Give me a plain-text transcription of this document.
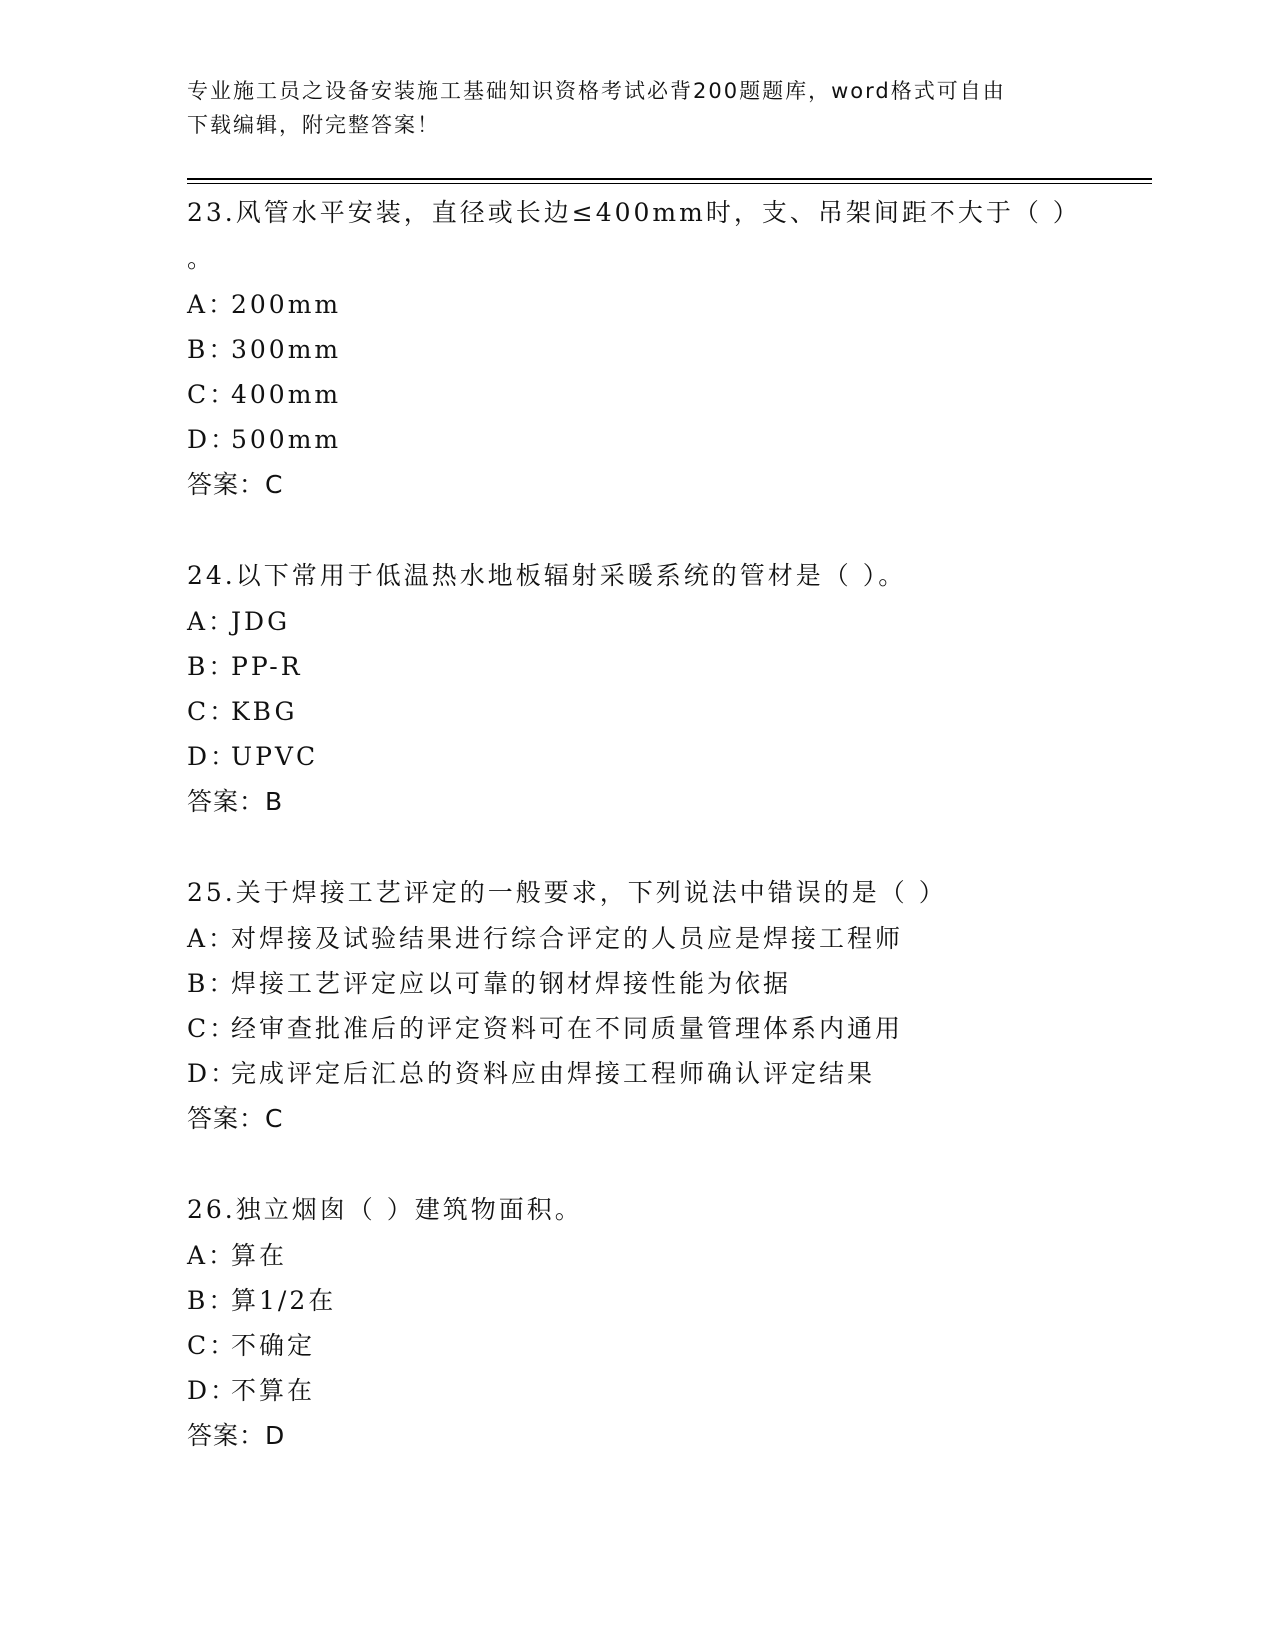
专业施工员之设备安装施工基础知识资格考试必背200题题库，word格式可自由
下载编辑，附完整答案！

23.风管水平安装，直径或长边≤400mm时，支、吊架间距不大于（ ）

。

A：
200mm

B：
300mm

C：
400mm

D：
500mm

答案：C

24.以下常用于低温热水地板辐射采暖系统的管材是（ ）。

A：
JDG

B：
PP-R

C：
KBG

D：
UPVC

答案：B

25.关于焊接工艺评定的一般要求，下列说法中错误的是（ ）

A：
对焊接及试验结果进行综合评定的人员应是焊接工程师

B：
焊接工艺评定应以可靠的钢材焊接性能为依据

C：
经审查批准后的评定资料可在不同质量管理体系内通用

D：
完成评定后汇总的资料应由焊接工程师确认评定结果

答案：C

26.独立烟囱（ ）建筑物面积。

A：
算在

B：
算1/2在

C：
不确定

D：
不算在

答案：D
